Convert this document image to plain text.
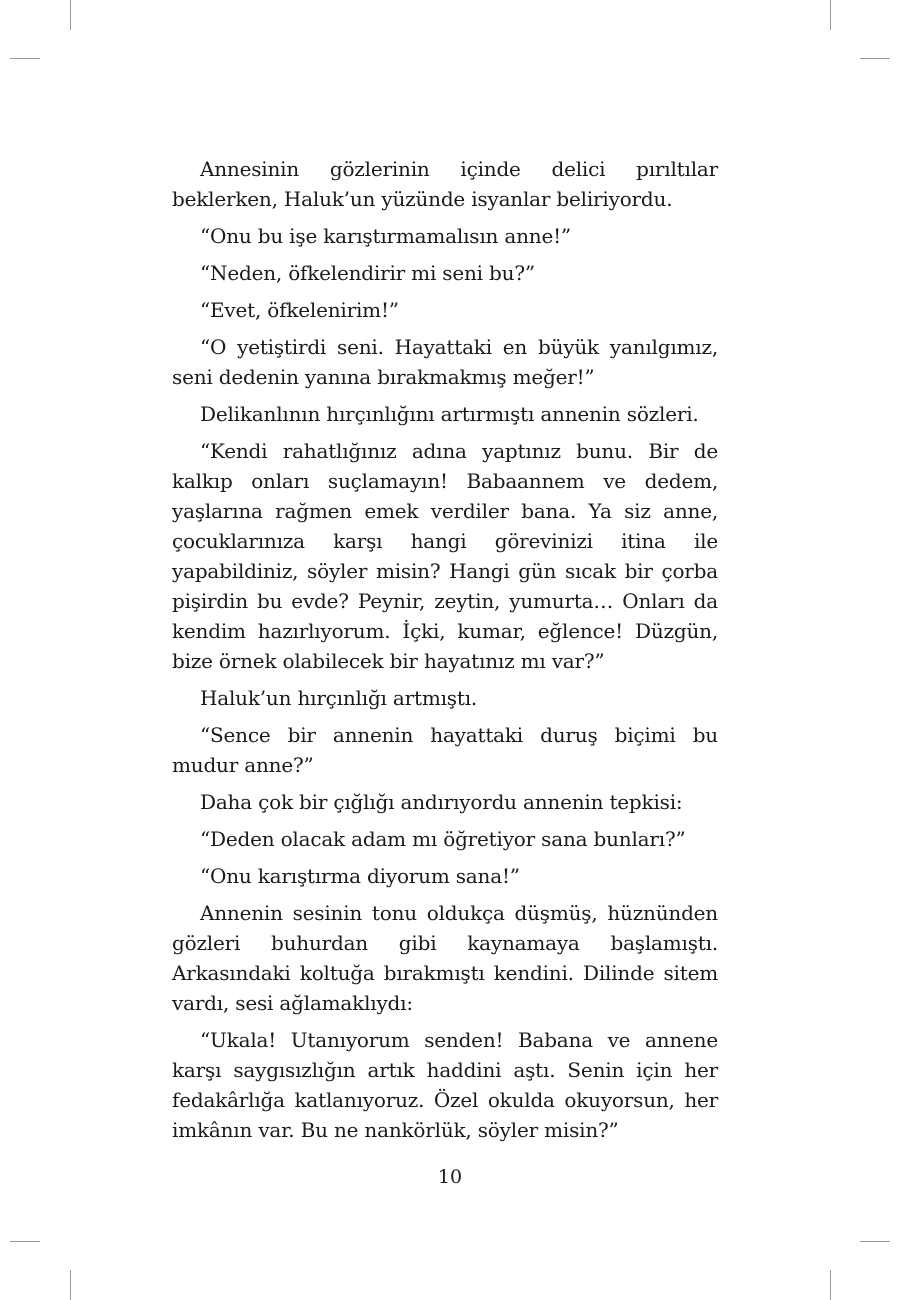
Annesinin gözlerinin içinde delici pırıltılar beklerken, Haluk’un yüzünde isyanlar beliriyordu.

“Onu bu işe karıştırmamalısın anne!”

“Neden, öfkelendirir mi seni bu?”

“Evet, öfkelenirim!”

“O yetiştirdi seni. Hayattaki en büyük yanılgımız, seni dedenin yanına bırakmakmış meğer!”

Delikanlının hırçınlığını artırmıştı annenin sözleri.

“Kendi rahatlığınız adına yaptınız bunu. Bir de kalkıp onları suçlamayın! Babaannem ve dedem, yaşlarına rağmen emek verdiler bana. Ya siz anne, çocuklarınıza karşı hangi görevinizi itina ile yapabildiniz, söyler misin? Hangi gün sıcak bir çorba pişirdin bu evde? Peynir, zeytin, yumurta… Onları da kendim hazırlıyorum. İçki, kumar, eğlence! Düzgün, bize örnek olabilecek bir hayatınız mı var?”

Haluk’un hırçınlığı artmıştı.

“Sence bir annenin hayattaki duruş biçimi bu mudur anne?”

Daha çok bir çığlığı andırıyordu annenin tepkisi:

“Deden olacak adam mı öğretiyor sana bunları?”

“Onu karıştırma diyorum sana!”

Annenin sesinin tonu oldukça düşmüş, hüznünden gözleri buhurdan gibi kaynamaya başlamıştı. Arkasındaki koltuğa bırakmıştı kendini. Dilinde sitem vardı, sesi ağlamaklıydı:

“Ukala! Utanıyorum senden! Babana ve annene karşı saygısızlığın artık haddini aştı. Senin için her fedakârlığa katlanıyoruz. Özel okulda okuyorsun, her imkânın var. Bu ne nankörlük, söyler misin?”

10
